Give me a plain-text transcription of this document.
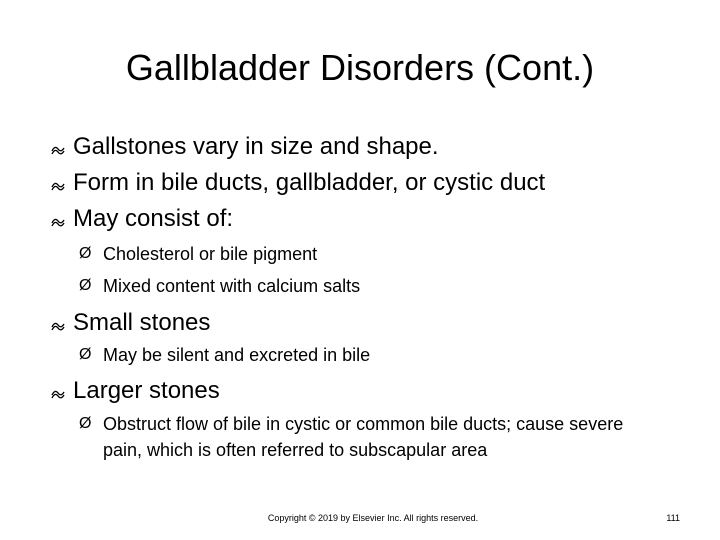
Gallbladder Disorders (Cont.)
Gallstones vary in size and shape.
Form in bile ducts, gallbladder, or cystic duct
May consist of:
Ø Cholesterol or bile pigment
Ø Mixed content with calcium salts
Small stones
Ø May be silent and excreted in bile
Larger stones
Ø Obstruct flow of bile in cystic or common bile ducts; cause severe pain, which is often referred to subscapular area
Copyright © 2019 by Elsevier Inc. All rights reserved.	111
